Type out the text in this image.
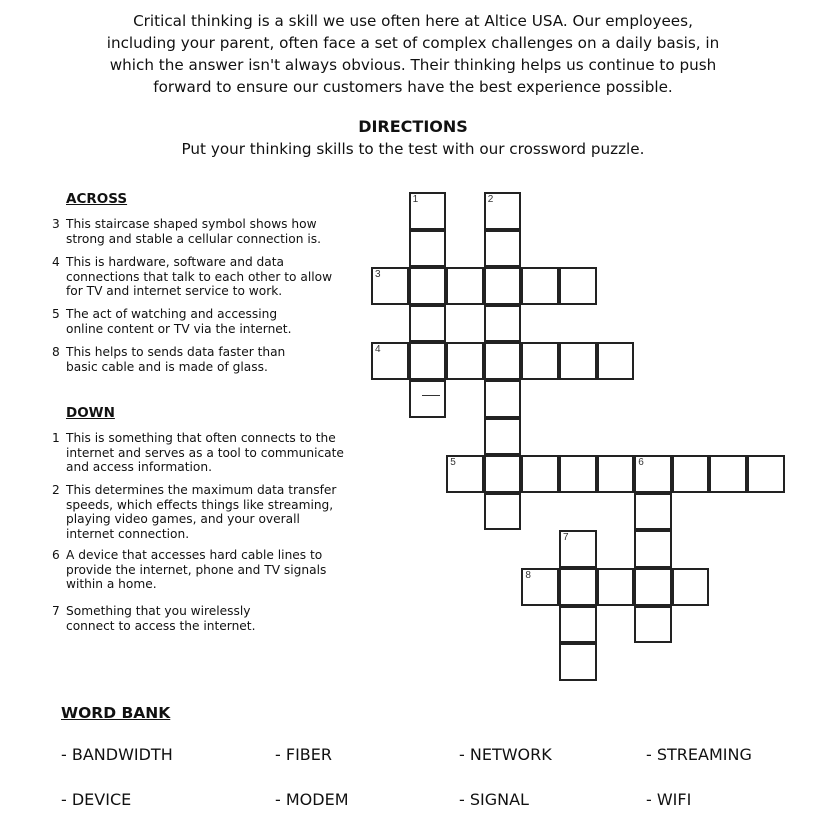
Critical thinking is a skill we use often here at Altice USA. Our employees, including your parent, often face a set of complex challenges on a daily basis, in which the answer isn't always obvious. Their thinking helps us continue to push forward to ensure our customers have the best experience possible.
DIRECTIONS
Put your thinking skills to the test with our crossword puzzle.
ACROSS
3 This staircase shaped symbol shows how strong and stable a cellular connection is.
4 This is hardware, software and data connections that talk to each other to allow for TV and internet service to work.
5 The act of watching and accessing online content or TV via the internet.
8 This helps to sends data faster than basic cable and is made of glass.
DOWN
1 This is something that often connects to the internet and serves as a tool to communicate and access information.
2 This determines the maximum data transfer speeds, which effects things like streaming, playing video games, and your overall internet connection.
6 A device that accesses hard cable lines to provide the internet, phone and TV signals within a home.
7 Something that you wirelessly connect to access the internet.
1	2
3
4
5	6
7
8
WORD BANK
- BANDWIDTH	- FIBER	- NETWORK	- STREAMING
- DEVICE	- MODEM	- SIGNAL	- WIFI
